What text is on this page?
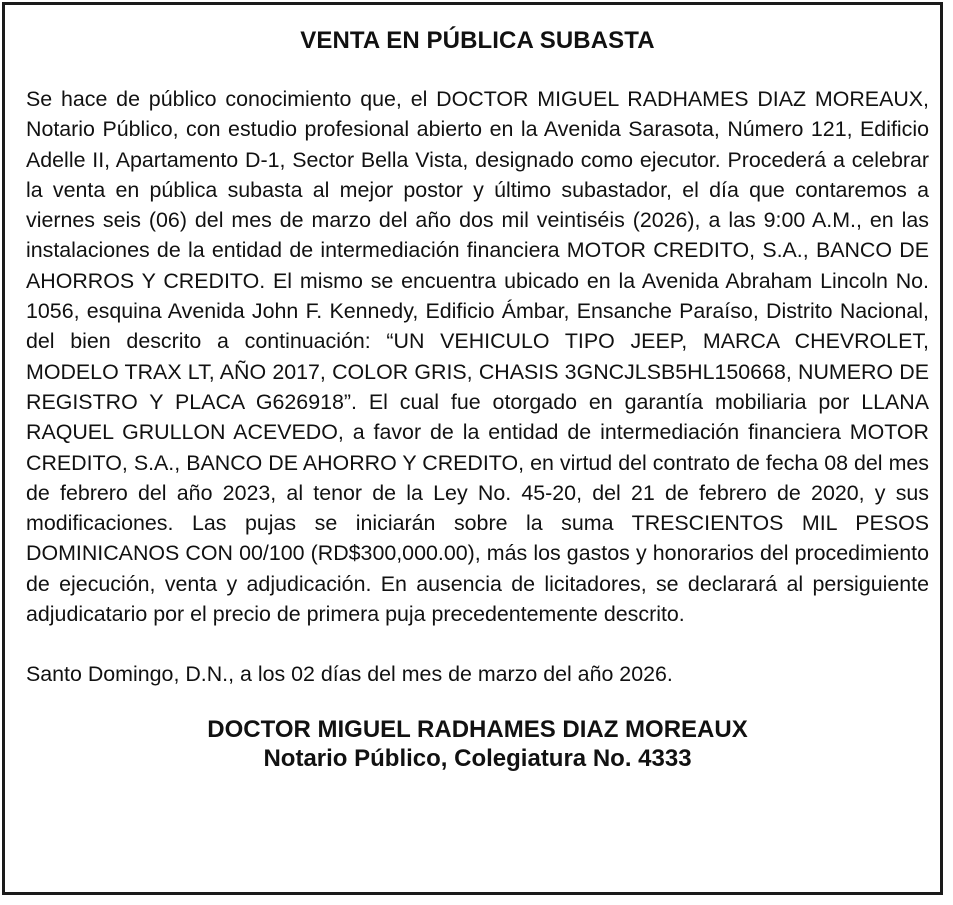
VENTA EN PÚBLICA SUBASTA

Se hace de público conocimiento que, el DOCTOR MIGUEL RADHAMES DIAZ MOREAUX, Notario Público, con estudio profesional abierto en la Avenida Sarasota, Número 121, Edificio Adelle II, Apartamento D-1, Sector Bella Vista, designado como ejecutor. Procederá a celebrar la venta en pública subasta al mejor postor y último subastador, el día que contaremos a viernes seis (06) del mes de marzo del año dos mil veintiséis (2026), a las 9:00 A.M., en las instalaciones de la entidad de intermediación financiera MOTOR CREDITO, S.A., BANCO DE AHORROS Y CREDITO. El mismo se encuentra ubicado en la Avenida Abraham Lincoln No. 1056, esquina Avenida John F. Kennedy, Edificio Ámbar, Ensanche Paraíso, Distrito Nacional, del bien descrito a continuación: “UN VEHICULO TIPO JEEP, MARCA CHEVROLET, MODELO TRAX LT, AÑO 2017, COLOR GRIS, CHASIS 3GNCJLSB5HL150668, NUMERO DE REGISTRO Y PLACA G626918”. El cual fue otorgado en garantía mobiliaria por LLANA RAQUEL GRULLON ACEVEDO, a favor de la entidad de intermediación financiera MOTOR CREDITO, S.A., BANCO DE AHORRO Y CREDITO, en virtud del contrato de fecha 08 del mes de febrero del año 2023, al tenor de la Ley No. 45-20, del 21 de febrero de 2020, y sus modificaciones. Las pujas se iniciarán sobre la suma TRESCIENTOS MIL PESOS DOMINICANOS CON 00/100 (RD$300,000.00), más los gastos y honorarios del procedimiento de ejecución, venta y adjudicación. En ausencia de licitadores, se declarará al persiguiente adjudicatario por el precio de primera puja precedentemente descrito.

Santo Domingo, D.N., a los 02 días del mes de marzo del año 2026.

DOCTOR MIGUEL RADHAMES DIAZ MOREAUX
Notario Público, Colegiatura No. 4333
